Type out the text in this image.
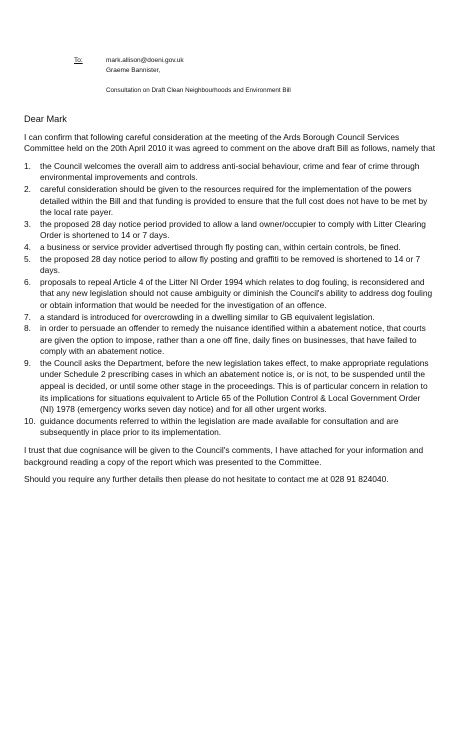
To:	mark.allison@doeni.gov.uk
Graeme Bannister,
Consultation on Draft Clean Neighbourhoods and Environment Bill

Dear Mark

I can confirm that following careful consideration at the meeting of the Ards Borough Council Services Committee held on the 20th April 2010 it was agreed to comment on the above draft Bill as follows, namely that

1.	the Council welcomes the overall aim to address anti-social behaviour, crime and fear of crime through environmental improvements and controls.
2.	careful consideration should be given to the resources required for the implementation of the powers detailed within the Bill and that funding is provided to ensure that the full cost does not have to be met by the local rate payer.
3.	the proposed 28 day notice period provided to allow a land owner/occupier to comply with Litter Clearing Order is shortened to 14 or 7 days.
4.	a business or service provider advertised through fly posting can, within certain controls, be fined.
5.	the proposed 28 day notice period to allow fly posting and graffiti to be removed is shortened to 14 or 7 days.
6.	proposals to repeal Article 4 of the Litter NI Order 1994 which relates to dog fouling, is reconsidered and that any new legislation should not cause ambiguity or diminish the Council's ability to address dog fouling or obtain information that would be needed for the investigation of an offence.
7.	a standard is introduced for overcrowding in a dwelling similar to GB equivalent legislation.
8.	in order to persuade an offender to remedy the nuisance identified within a abatement notice, that courts are given the option to impose, rather than a one off fine, daily fines on businesses, that have failed to comply with an abatement notice.
9.	the Council asks the Department, before the new legislation takes effect, to make appropriate regulations under Schedule 2 prescribing cases in which an abatement notice is, or is not, to be suspended until the appeal is decided, or until some other stage in the proceedings. This is of particular concern in relation to its implications for situations equivalent to Article 65 of the Pollution Control & Local Government Order (NI) 1978 (emergency works seven day notice) and for all other urgent works.
10. guidance documents referred to within the legislation are made available for consultation and are subsequently in place prior to its implementation.

I trust that due cognisance will be given to the Council's comments, I have attached for your information and background reading a copy of the report which was presented to the Committee.

Should you require any further details then please do not hesitate to contact me at 028 91 824040.
